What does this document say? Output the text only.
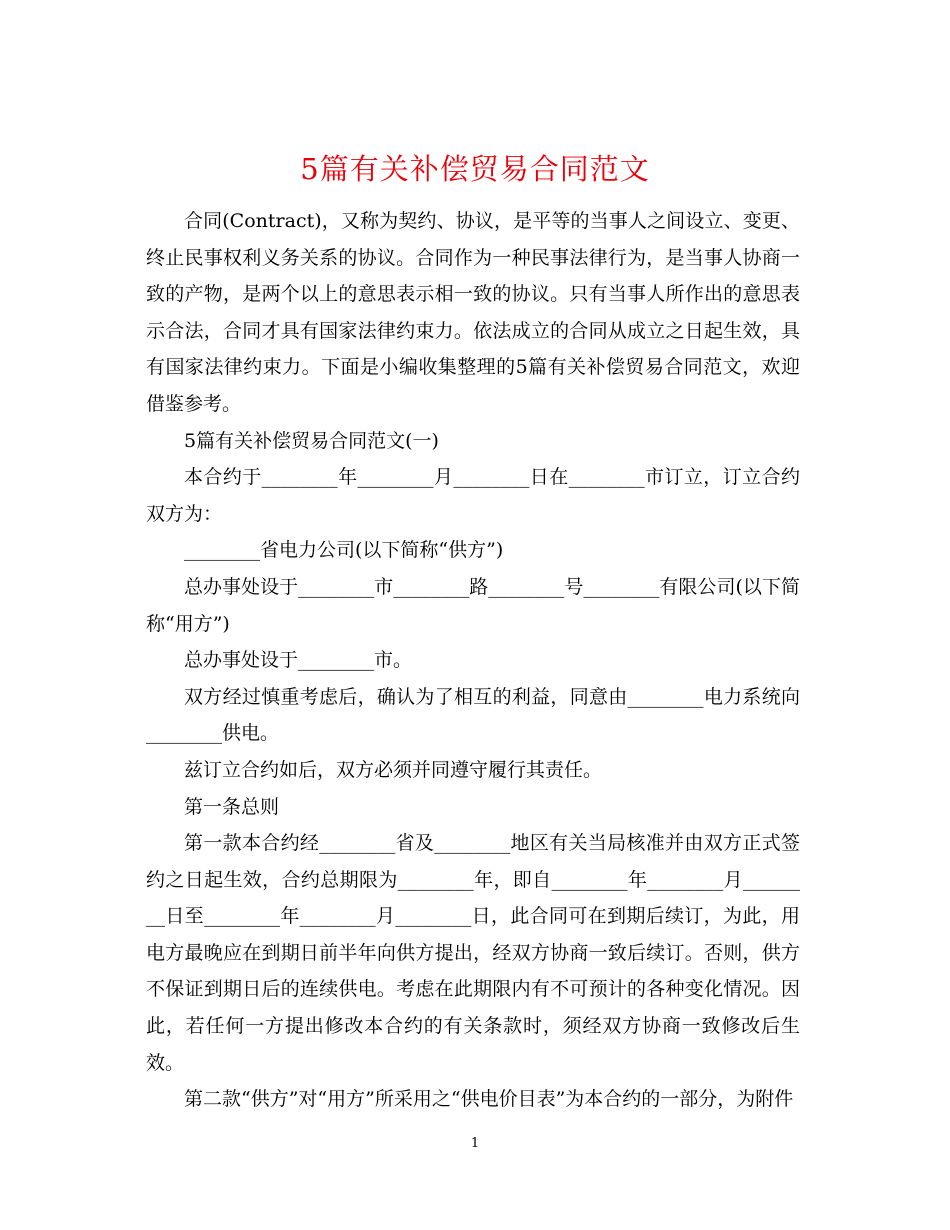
5篇有关补偿贸易合同范文

合同(Contract)，又称为契约、协议，是平等的当事人之间设立、变更、终止民事权利义务关系的协议。合同作为一种民事法律行为，是当事人协商一致的产物，是两个以上的意思表示相一致的协议。只有当事人所作出的意思表示合法，合同才具有国家法律约束力。依法成立的合同从成立之日起生效，具有国家法律约束力。下面是小编收集整理的5篇有关补偿贸易合同范文，欢迎借鉴参考。

5篇有关补偿贸易合同范文(一)

本合约于________年________月________日在________市订立，订立合约双方为：

________省电力公司(以下简称“供方”)

总办事处设于________市________路________号________有限公司(以下简称“用方”)

总办事处设于________市。

双方经过慎重考虑后，确认为了相互的利益，同意由________电力系统向________供电。

兹订立合约如后，双方必须并同遵守履行其责任。

第一条总则

第一款本合约经________省及________地区有关当局核准并由双方正式签约之日起生效，合约总期限为________年，即自________年________月________日至________年________月________日，此合同可在到期后续订，为此，用电方最晚应在到期日前半年向供方提出，经双方协商一致后续订。否则，供方不保证到期日后的连续供电。考虑在此期限内有不可预计的各种变化情况。因此，若任何一方提出修改本合约的有关条款时，须经双方协商一致修改后生效。

第二款“供方”对“用方”所采用之“供电价目表”为本合约的一部分，为附件

1
